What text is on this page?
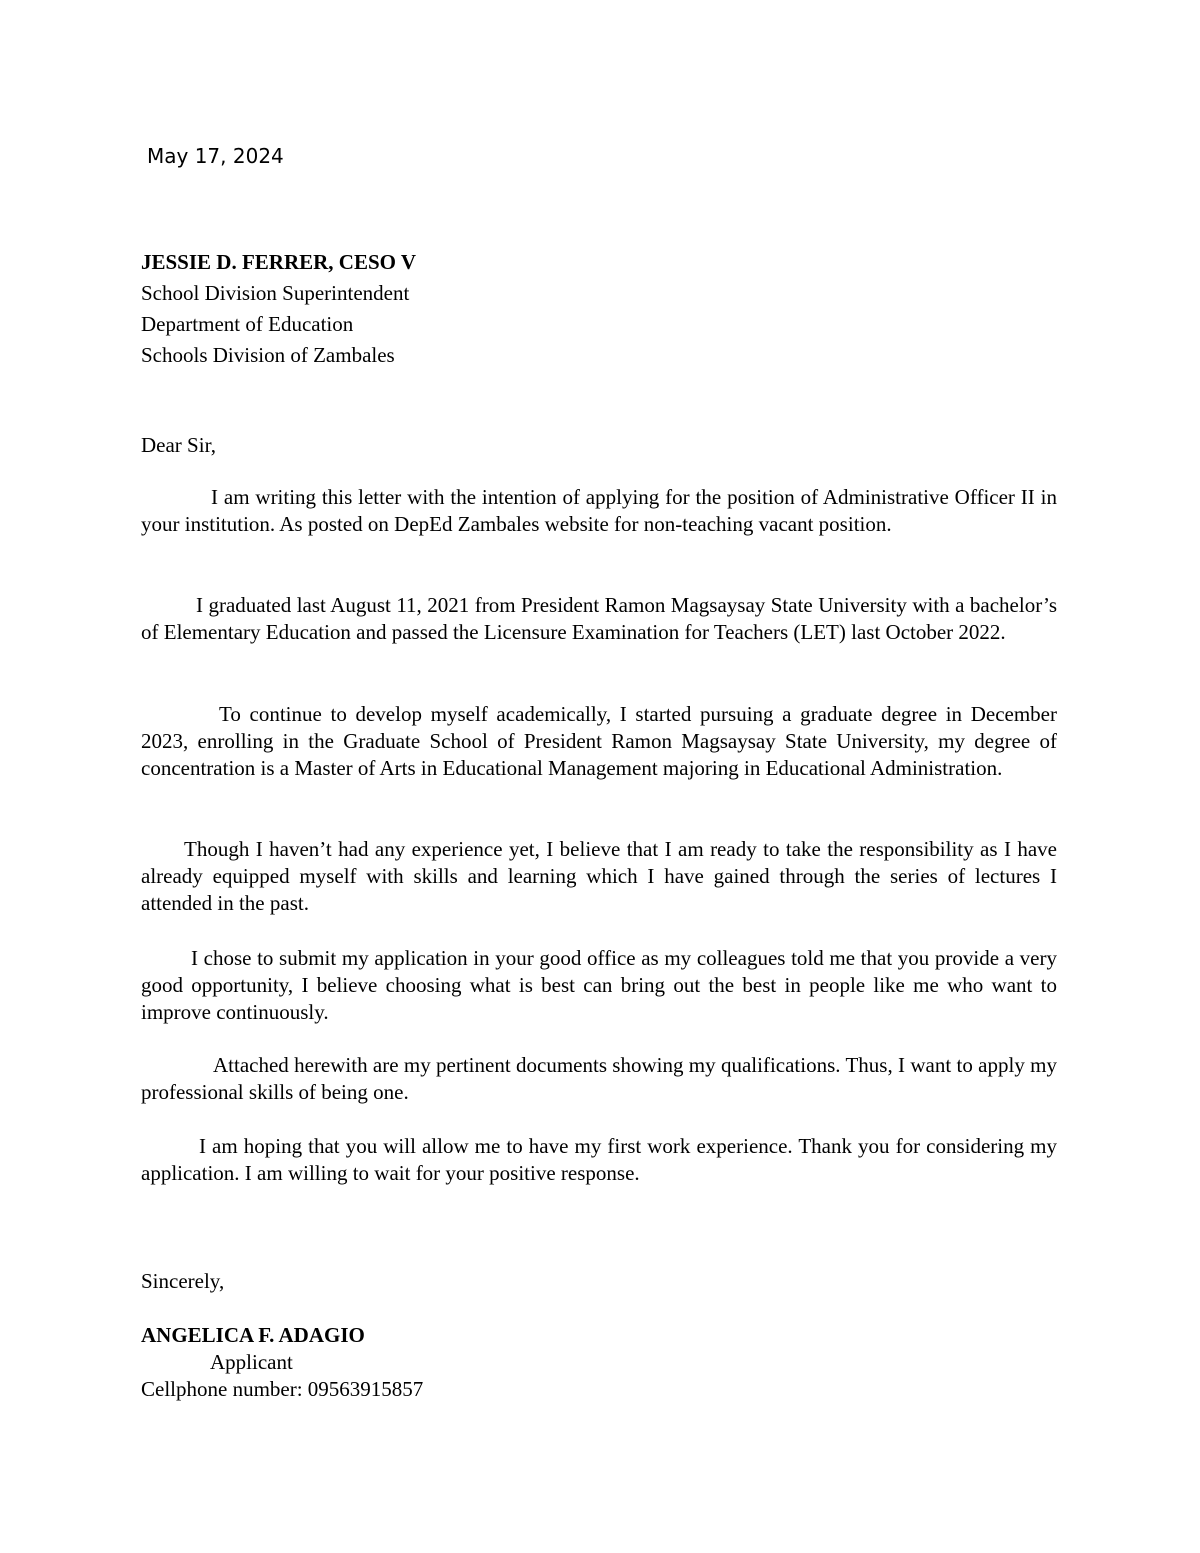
May 17, 2024
JESSIE D. FERRER, CESO V
School Division Superintendent
Department of Education
Schools Division of Zambales
Dear Sir,
I am writing this letter with the intention of applying for the position of Administrative Officer II in your institution. As posted on DepEd Zambales website for non-teaching vacant position.
I graduated last August 11, 2021 from President Ramon Magsaysay State University with a bachelor’s of Elementary Education and passed the Licensure Examination for Teachers (LET) last October 2022.
To continue to develop myself academically, I started pursuing a graduate degree in December 2023, enrolling in the Graduate School of President Ramon Magsaysay State University, my degree of concentration is a Master of Arts in Educational Management majoring in Educational Administration.
Though I haven’t had any experience yet, I believe that I am ready to take the responsibility as I have already equipped myself with skills and learning which I have gained through the series of lectures I attended in the past.
I chose to submit my application in your good office as my colleagues told me that you provide a very good opportunity, I believe choosing what is best can bring out the best in people like me who want to improve continuously.
Attached herewith are my pertinent documents showing my qualifications. Thus, I want to apply my professional skills of being one.
I am hoping that you will allow me to have my first work experience. Thank you for considering my application. I am willing to wait for your positive response.
Sincerely,
ANGELICA F. ADAGIO
Applicant
Cellphone number: 09563915857
